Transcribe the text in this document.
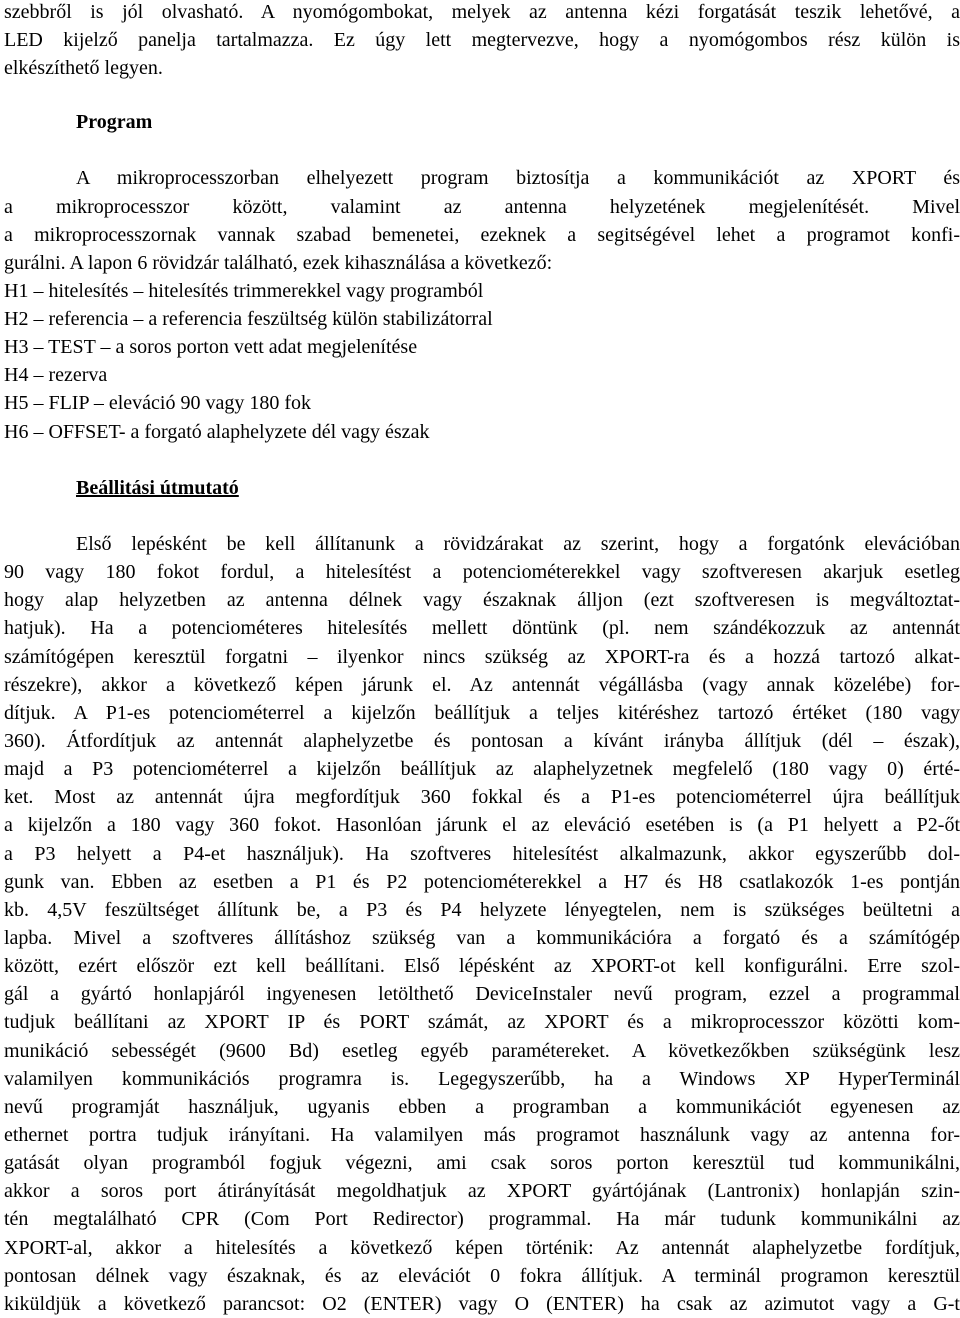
szebbről is jól olvasható. A nyomógombokat, melyek az antenna kézi forgatását teszik lehetővé, a
LED kijelző panelja tartalmazza. Ez úgy lett megtervezve, hogy a nyomógombos rész külön is
elkészíthető legyen.
Program
A mikroprocesszorban elhelyezett program biztosítja a kommunikációt az XPORT és
a mikroprocesszor között, valamint az antenna helyzetének megjelenítését. Mivel
a mikroprocesszornak vannak szabad bemenetei, ezeknek a segitségével lehet a programot konfi-
gurálni. A lapon 6 rövidzár található, ezek kihasználása a következő:
H1 – hitelesítés – hitelesítés trimmerekkel vagy programból
H2 – referencia – a referencia feszültség külön stabilizátorral
H3 – TEST – a soros porton vett adat megjelenítése
H4 – rezerva
H5 – FLIP – eleváció 90 vagy 180 fok
H6 – OFFSET- a forgató alaphelyzete dél vagy észak
Beállitási útmutató
Első lepésként be kell állítanunk a rövidzárakat az szerint, hogy a forgatónk elevációban
90 vagy 180 fokot fordul, a hitelesítést a potenciométerekkel vagy szoftveresen akarjuk esetleg
hogy alap helyzetben az antenna délnek vagy északnak álljon (ezt szoftveresen is megváltoztat-
hatjuk). Ha a potenciométeres hitelesítés mellett döntünk (pl. nem szándékozzuk az antennát
számítógépen keresztül forgatni – ilyenkor nincs szükség az XPORT-ra és a hozzá tartozó alkat-
részekre), akkor a következő képen járunk el. Az antennát végállásba (vagy annak közelébe) for-
dítjuk. A P1-es potenciométerrel a kijelzőn beállítjuk a teljes kitéréshez tartozó értéket (180 vagy
360). Átfordítjuk az antennát alaphelyzetbe és pontosan a kívánt irányba állítjuk (dél – észak),
majd a P3 potenciométerrel a kijelzőn beállítjuk az alaphelyzetnek megfelelő (180 vagy 0) érté-
ket. Most az antennát újra megfordítjuk 360 fokkal és a P1-es potenciométerrel újra beállítjuk
a kijelzőn a 180 vagy 360 fokot. Hasonlóan járunk el az eleváció esetében is (a P1 helyett a P2-őt
a P3 helyett a P4-et használjuk). Ha szoftveres hitelesítést alkalmazunk, akkor egyszerűbb dol-
gunk van. Ebben az esetben a P1 és P2 potenciométerekkel a H7 és H8 csatlakozók 1-es pontján
kb. 4,5V feszültséget állítunk be, a P3 és P4 helyzete lényegtelen, nem is szükséges beültetni a
lapba. Mivel a szoftveres állításhoz szükség van a kommunikációra a forgató és a számítógép
között, ezért először ezt kell beállítani. Első lépésként az XPORT-ot kell konfigurálni. Erre szol-
gál a gyártó honlapjáról ingyenesen letölthető DeviceInstaler nevű program, ezzel a programmal
tudjuk beállítani az XPORT IP és PORT számát, az XPORT és a mikroprocesszor közötti kom-
munikáció sebességét (9600 Bd) esetleg egyéb paramétereket. A következőkben szükségünk lesz
valamilyen kommunikációs programra is. Legegyszerűbb, ha a Windows XP HyperTerminál
nevű programját használjuk, ugyanis ebben a programban a kommunikációt egyenesen az
ethernet portra tudjuk irányítani. Ha valamilyen más programot használunk vagy az antenna for-
gatását olyan programból fogjuk végezni, ami csak soros porton keresztül tud kommunikálni,
akkor a soros port átirányítását megoldhatjuk az XPORT gyártójának (Lantronix) honlapján szin-
tén megtalálható CPR (Com Port Redirector) programmal. Ha már tudunk kommunikálni az
XPORT-al, akkor a hitelesítés a következő képen történik: Az antennát alaphelyzetbe fordítjuk,
pontosan délnek vagy északnak, és az elevációt 0 fokra állítjuk. A terminál programon keresztül
kiküldjük a következő parancsot: O2 (ENTER) vagy O (ENTER) ha csak az azimutot vagy a G-t
